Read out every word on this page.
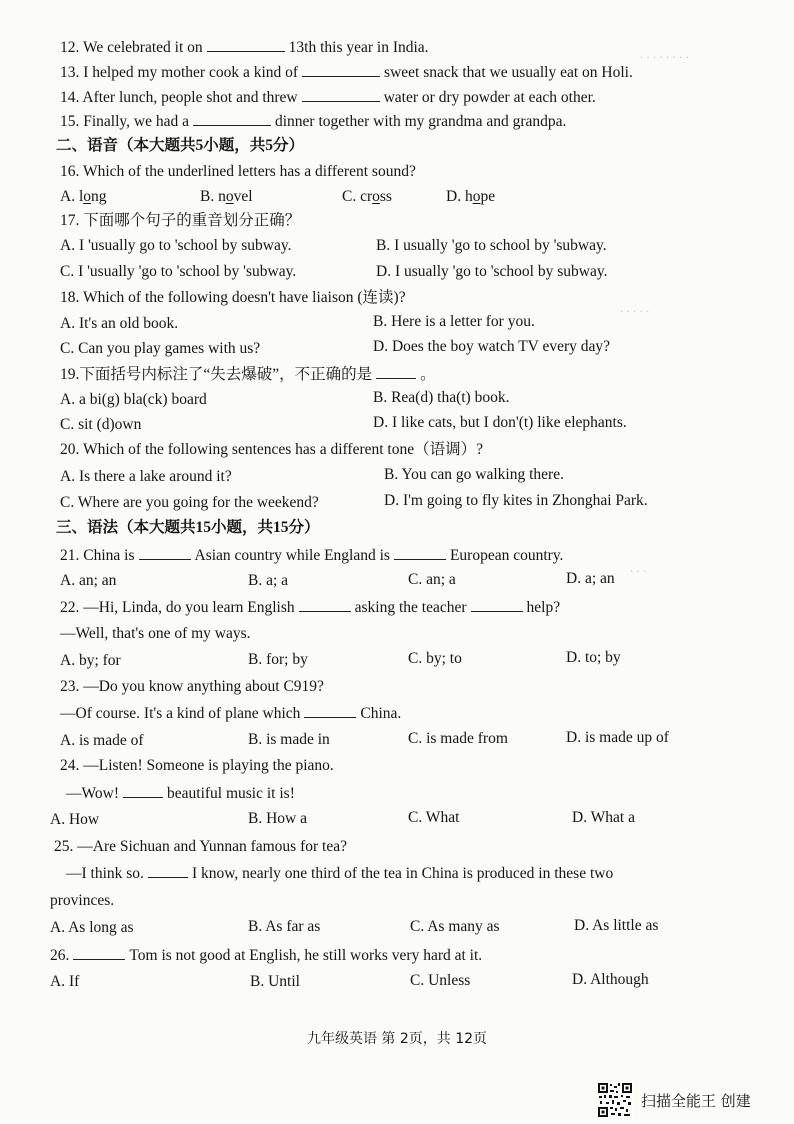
. . . . . . . .
. . . . .
. . .
12. We celebrated it on	13th this year in India.
13. I helped my mother cook a kind of	sweet snack that we usually eat on Holi.
14. After lunch, people shot and threw	water or dry powder at each other.
15. Finally, we had a	dinner together with my grandma and grandpa.
二、语音（本大题共5小题，共5分）
16. Which of the underlined letters has a different sound?
A. long	B. novel	C. cross	D. hope
17. 下面哪个句子的重音划分正确？
A. I 'usually go to 'school by subway.	B. I usually 'go to school by 'subway.
C. I 'usually 'go to 'school by 'subway.	D. I usually 'go to 'school by subway.
18. Which of the following doesn't have liaison (连读)?
A. It's an old book.	B. Here is a letter for you.
C. Can you play games with us?	D. Does the boy watch TV every day?
19.下面括号内标注了“失去爆破”，不正确的是	。
A. a bi(g) bla(ck) board	B. Rea(d) tha(t) book.
C. sit (d)own	D. I like cats, but I don'(t) like elephants.
20. Which of the following sentences has a different tone（语调）?
A. Is there a lake around it?	B. You can go walking there.
C. Where are you going for the weekend?	D. I'm going to fly kites in Zhonghai Park.
三、语法（本大题共15小题，共15分）
21. China is	Asian country while England is	European country.
A. an; an	B. a; a	C. an; a	D. a; an
22. —Hi, Linda, do you learn English	asking the teacher	help?
—Well, that's one of my ways.
A. by; for	B. for; by	C. by; to	D. to; by
23. —Do you know anything about C919?
—Of course. It's a kind of plane which	China.
A. is made of	B. is made in	C. is made from	D. is made up of
24. —Listen! Someone is playing the piano.
—Wow!	beautiful music it is!
A. How	B. How a	C. What	D. What a
25. —Are Sichuan and Yunnan famous for tea?
—I think so.	I know, nearly one third of the tea in China is produced in these two
provinces.
A. As long as	B. As far as	C. As many as	D. As little as
26.	Tom is not good at English, he still works very hard at it.
A. If	B. Until	C. Unless	D. Although
九年级英语 第 2页，共 12页
扫描全能王 创建
